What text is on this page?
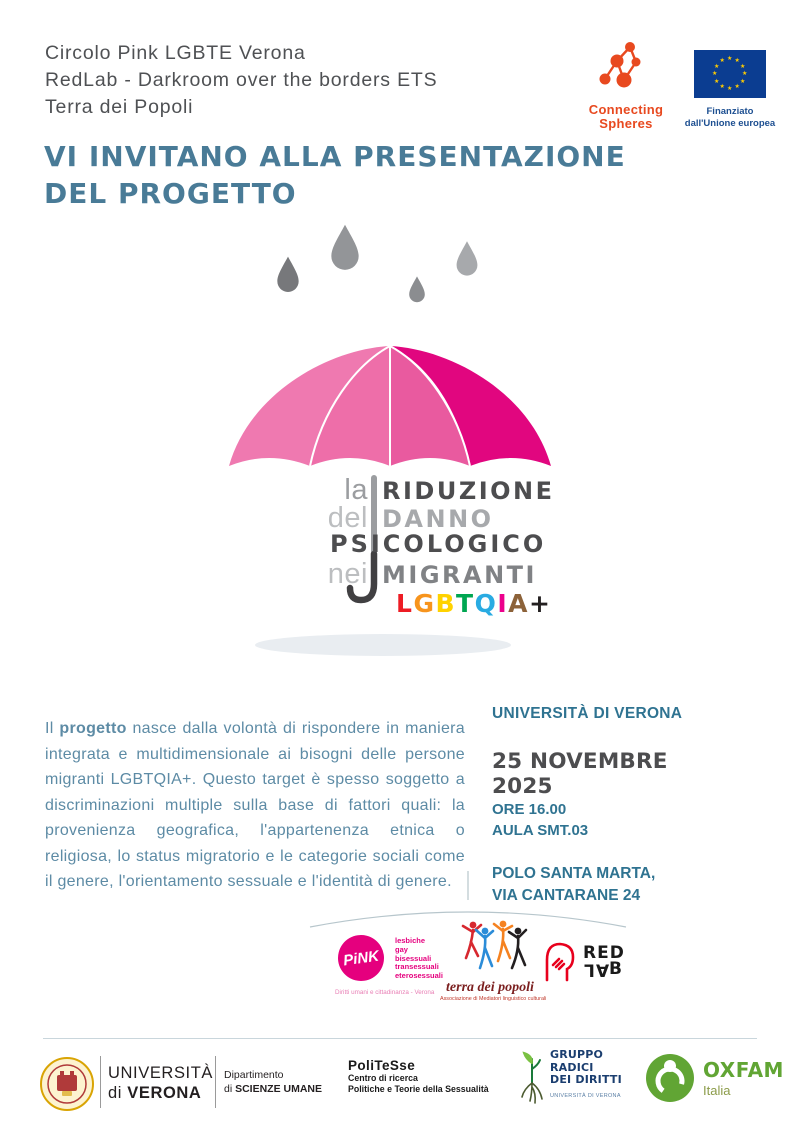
Circolo Pink LGBTE Verona
RedLab - Darkroom over the borders ETS
Terra dei Popoli	Connecting
Spheres
★ ★
★
★
★
★
★
★
★
★
★
★
Finanziato
dall'Unione europea
VI INVITANO ALLA PRESENTAZIONE
DEL PROGETTO
la RIDUZIONE
del DANNO
PSICOLOGICO
nei MIGRANTI
LGBTQIA+

Il progetto nasce dalla volontà di rispondere in maniera integrata e multidimensionale ai bisogni delle persone migranti LGBTQIA+. Questo target è spesso soggetto a discriminazioni multiple sulla base di fattori quali: la provenienza geografica, l'appartenenza etnica o religiosa, lo status migratorio e le categorie sociali come il genere, l'orientamento sessuale e l'identità di genere.

UNIVERSITÀ DI VERONA
25 NOVEMBRE 2025
ORE 16.00
AULA SMT.03
POLO SANTA MARTA,
VIA CANTARANE 24
PiNK
lesbiche
gay
bisessuali
transessuali
eterosessuali
Diritti umani e cittadinanza - Verona terra dei popoli
Associazione di Mediatori linguistico culturali
RED
LAB
UNIVERSITÀ
di VERONA
Dipartimento
di SCIENZE UMANE
PoliTeSse
Centro di ricerca
Politiche e Teorie della Sessualità
GRUPPO
RADICI
DEI DIRITTI
UNIVERSITÀ DI VERONA
OXFAM
Italia
